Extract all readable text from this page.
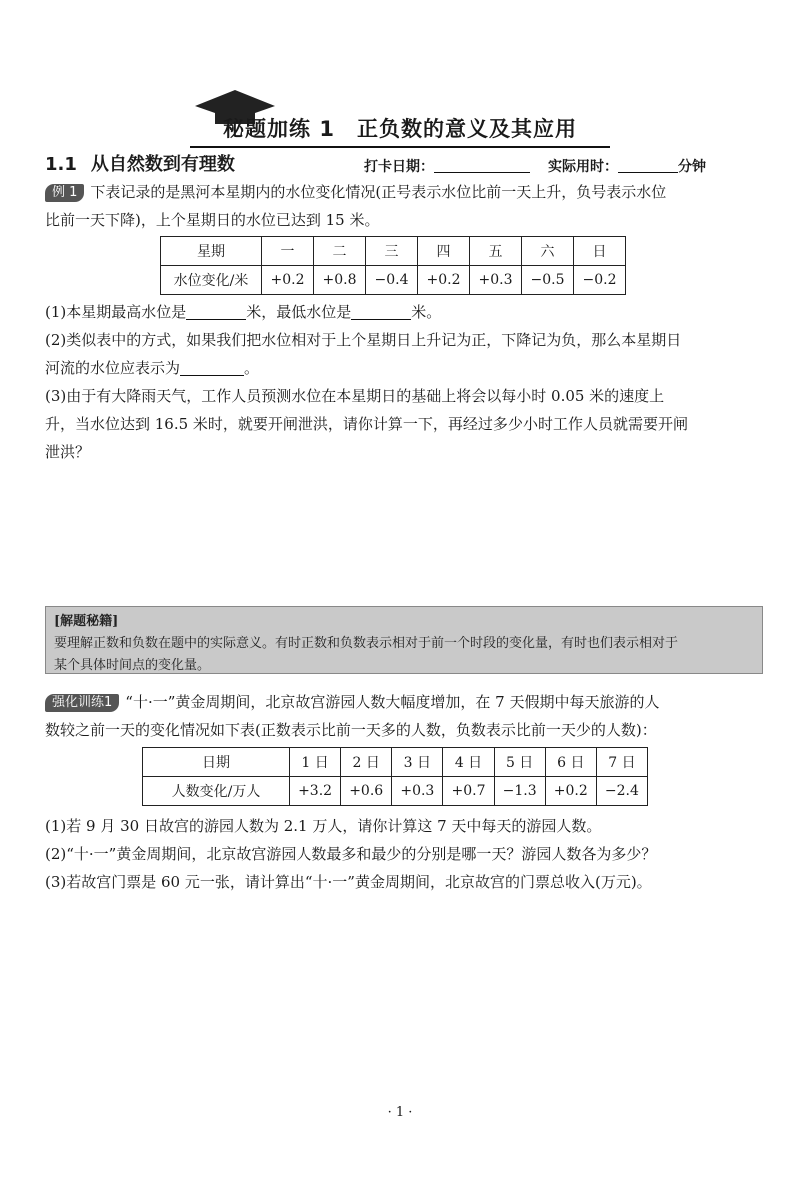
秘题加练 1　正负数的意义及其应用
1.1 从自然数到有理数	打卡日期：	实际用时：	分钟
例 1 下表记录的是黑河本星期内的水位变化情况(正号表示水位比前一天上升，负号表示水位
比前一天下降)，上个星期日的水位已达到 15 米。
星期	一	二	三	四	五	六	日
水位变化/米	+0.2	+0.8	−0.4	+0.2	+0.3	−0.5	−0.2
(1)本星期最高水位是	米，最低水位是	米。
(2)类似表中的方式，如果我们把水位相对于上个星期日上升记为正，下降记为负，那么本星期日
河流的水位应表示为	。
(3)由于有大降雨天气，工作人员预测水位在本星期日的基础上将会以每小时 0.05 米的速度上
升，当水位达到 16.5 米时，就要开闸泄洪，请你计算一下，再经过多少小时工作人员就需要开闸
泄洪？
[解题秘籍]
要理解正数和负数在题中的实际意义。有时正数和负数表示相对于前一个时段的变化量，有时也们表示相对于
某个具体时间点的变化量。
强化训练1 “十·一”黄金周期间，北京故宫游园人数大幅度增加，在 7 天假期中每天旅游的人
数较之前一天的变化情况如下表(正数表示比前一天多的人数，负数表示比前一天少的人数)：
日期	1 日	2 日	3 日	4 日	5 日	6 日	7 日
人数变化/万人	+3.2	+0.6	+0.3	+0.7	−1.3	+0.2	−2.4
(1)若 9 月 30 日故宫的游园人数为 2.1 万人，请你计算这 7 天中每天的游园人数。
(2)“十·一”黄金周期间，北京故宫游园人数最多和最少的分别是哪一天？游园人数各为多少？
(3)若故宫门票是 60 元一张，请计算出“十·一”黄金周期间，北京故宫的门票总收入(万元)。
· 1 ·
